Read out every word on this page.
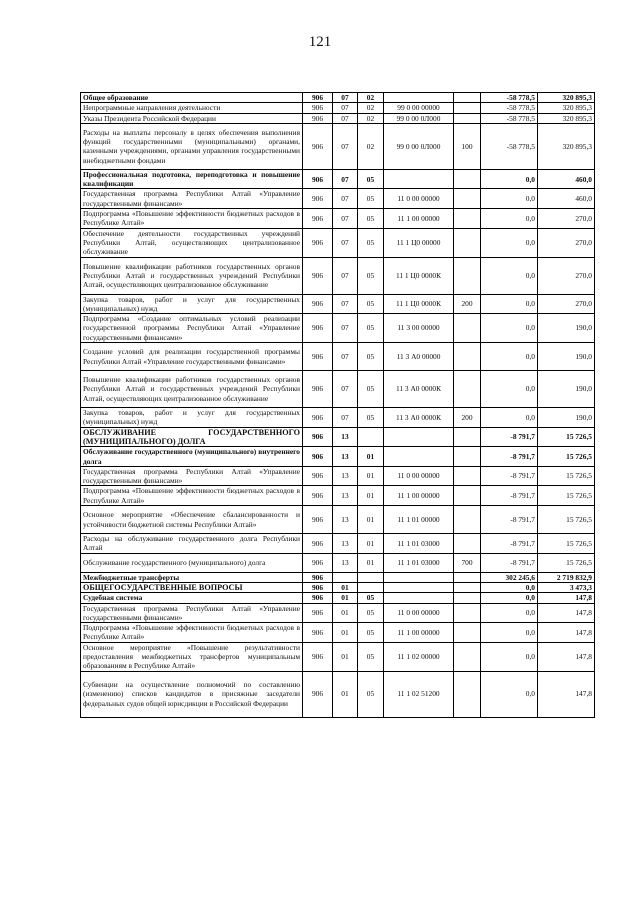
121
Общее образование	906	07	02			-58 778,5	320 895,3
Непрограммные направления деятельности	906	07	02	99 0 00 00000		-58 778,5	320 895,3
Указы Президента Российской Федерации	906	07	02	99 0 00 0Л000		-58 778,5	320 895,3
Расходы на выплаты персоналу в целях обеспечения выполнения функций государственными (муниципальными) органами, казенными учреждениями, органами управления государственными внебюджетными фондами	906	07	02	99 0 00 0Л000	100	-58 778,5	320 895,3
Профессиональная подготовка, переподготовка и повышение квалификации	906	07	05			0,0	460,0
Государственная программа Республики Алтай «Управление государственными финансами»	906	07	05	11 0 00 00000		0,0	460,0
Подпрограмма «Повышение эффективности бюджетных расходов в Республике Алтай»	906	07	05	11 1 00 00000		0,0	270,0
Обеспечение деятельности государственных учреждений Республики Алтай, осуществляющих централизованное обслуживание	906	07	05	11 1 Ц0 00000		0,0	270,0
Повышение квалификации работников государственных органов Республики Алтай и государственных учреждений Республики Алтай, осуществляющих централизованное обслуживание	906	07	05	11 1 Ц0 0000К		0,0	270,0
Закупка товаров, работ и услуг для государственных (муниципальных) нужд	906	07	05	11 1 Ц0 0000К	200	0,0	270,0
Подпрограмма «Создание оптимальных условий реализации государственной программы Республики Алтай «Управление государственными финансами»	906	07	05	11 3 00 00000		0,0	190,0
Создание условий для реализации государственной программы Республики Алтай «Управление государственными финансами»	906	07	05	11 3 А0 00000		0,0	190,0
Повышение квалификации работников государственных органов Республики Алтай и государственных учреждений Республики Алтай, осуществляющих централизованное обслуживание	906	07	05	11 3 А0 0000К		0,0	190,0
Закупка товаров, работ и услуг для государственных (муниципальных) нужд	906	07	05	11 3 А0 0000К	200	0,0	190,0
ОБСЛУЖИВАНИЕ ГОСУДАРСТВЕННОГО (МУНИЦИПАЛЬНОГО) ДОЛГА	906	13				-8 791,7	15 726,5
Обслуживание государственного (муниципального) внутреннего долга	906	13	01			-8 791,7	15 726,5
Государственная программа Республики Алтай «Управление государственными финансами»	906	13	01	11 0 00 00000		-8 791,7	15 726,5
Подпрограмма «Повышение эффективности бюджетных расходов в Республике Алтай»	906	13	01	11 1 00 00000		-8 791,7	15 726,5
Основное мероприятие «Обеспечение сбалансированности и устойчивости бюджетной системы Республики Алтай»	906	13	01	11 1 01 00000		-8 791,7	15 726,5
Расходы на обслуживание государственного долга Республики Алтай	906	13	01	11 1 01 03000		-8 791,7	15 726,5
Обслуживание государственного (муниципального) долга	906	13	01	11 1 01 03000	700	-8 791,7	15 726,5
Межбюджетные трансферты	906					302 245,6	2 719 832,9
ОБЩЕГОСУДАРСТВЕННЫЕ ВОПРОСЫ	906	01				0,0	3 473,3
Судебная система	906	01	05			0,0	147,8
Государственная программа Республики Алтай «Управление государственными финансами»	906	01	05	11 0 00 00000		0,0	147,8
Подпрограмма «Повышение эффективности бюджетных расходов в Республике Алтай»	906	01	05	11 1 00 00000		0,0	147,8
Основное мероприятие «Повышение результативности предоставления межбюджетных трансфертов муниципальным образованиям в Республике Алтай»	906	01	05	11 1 02 00000		0,0	147,8
Субвенции на осуществление полномочий по составлению (изменению) списков кандидатов в присяжные заседатели федеральных судов общей юрисдикции в Российской Федерации	906	01	05	11 1 02 51200		0,0	147,8
